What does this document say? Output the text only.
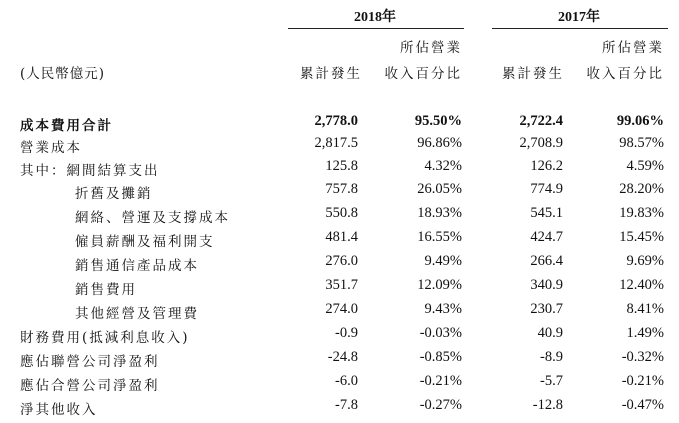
2018年	2017年
所佔營業	所佔營業
(人民幣億元)	累計發生	收入百分比	累計發生	收入百分比
成本費用合計	2,778.0	95.50%	2,722.4	99.06%
營業成本	2,817.5	96.86%	2,708.9	98.57%
其中：網間結算支出	125.8	4.32%	126.2	4.59%
折舊及攤銷	757.8	26.05%	774.9	28.20%
網絡、營運及支撐成本	550.8	18.93%	545.1	19.83%
僱員薪酬及福利開支	481.4	16.55%	424.7	15.45%
銷售通信產品成本	276.0	9.49%	266.4	9.69%
銷售費用	351.7	12.09%	340.9	12.40%
其他經營及管理費	274.0	9.43%	230.7	8.41%
財務費用(抵減利息收入)	-0.9	-0.03%	40.9	1.49%
應佔聯營公司淨盈利	-24.8	-0.85%	-8.9	-0.32%
應佔合營公司淨盈利	-6.0	-0.21%	-5.7	-0.21%
淨其他收入	-7.8	-0.27%	-12.8	-0.47%
